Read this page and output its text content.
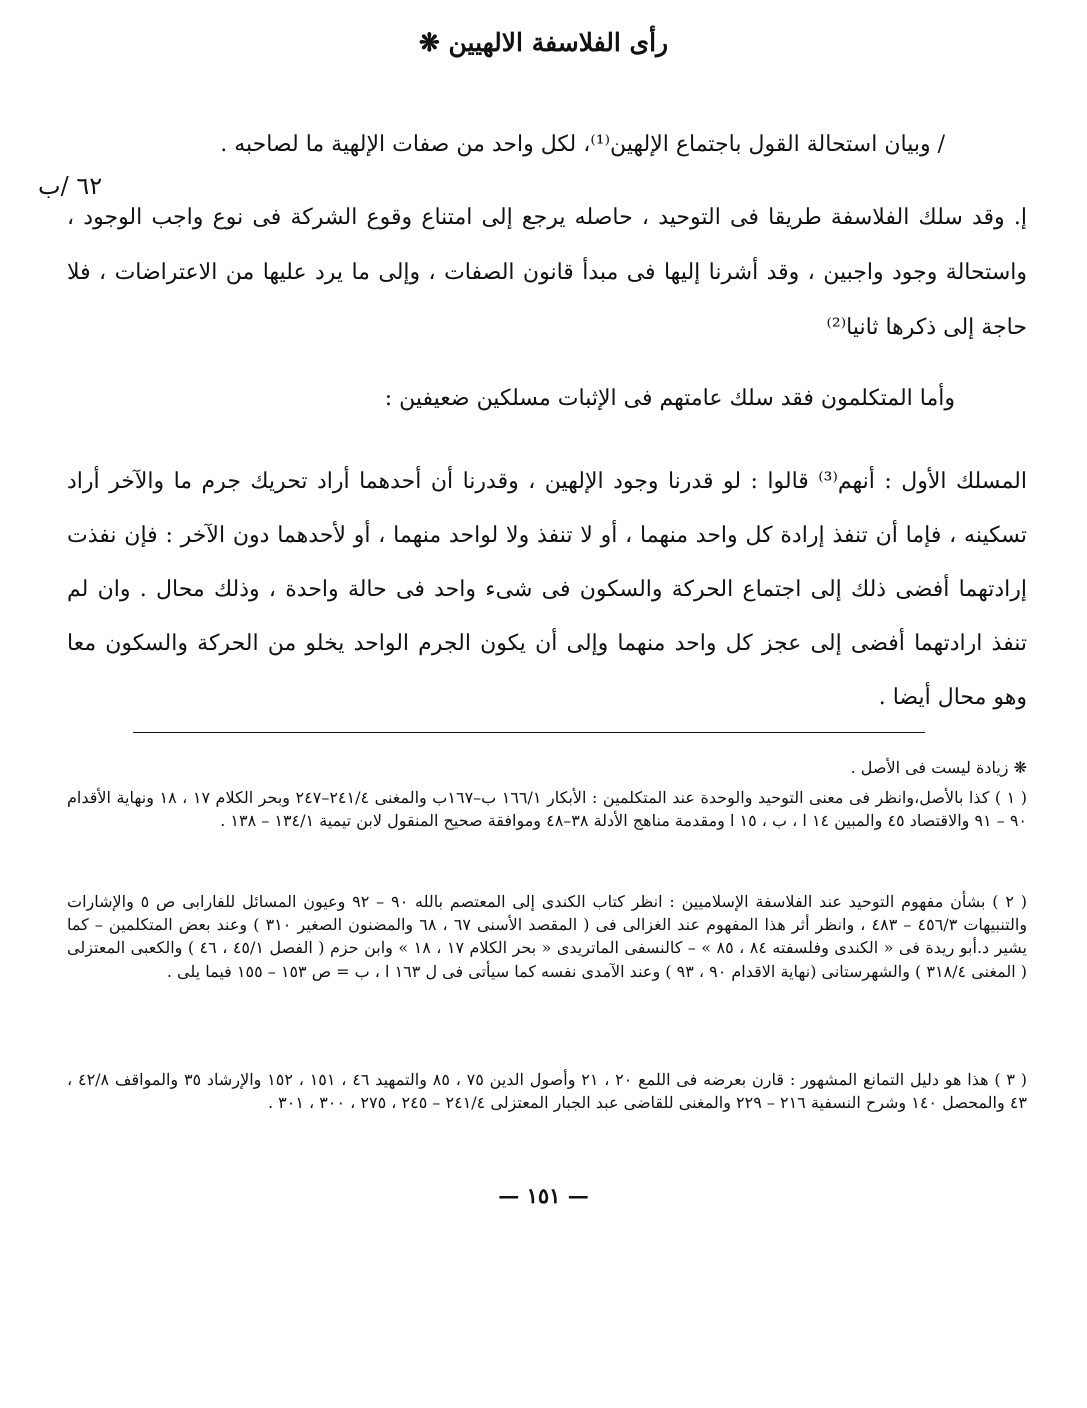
رأى الفلاسفة الالهيين ❋
٦٢ /ب
/ وبيان استحالة القول باجتماع الإلهين⁽¹⁾، لكل واحد من صفات الإلهية ما لصاحبه .

إ. وقد سلك الفلاسفة طريقا فى التوحيد ، حاصله يرجع إلى امتناع وقوع الشركة فى نوع واجب الوجود ، واستحالة وجود واجبين ، وقد أشرنا إليها فى مبدأ قانون الصفات ، وإلى ما يرد عليها من الاعتراضات ، فلا حاجة إلى ذكرها ثانيا⁽²⁾

وأما المتكلمون فقد سلك عامتهم فى الإثبات مسلكين ضعيفين :

المسلك الأول : أنهم⁽³⁾ قالوا : لو قدرنا وجود الإلهين ، وقدرنا أن أحدهما أراد تحريك جرم ما والآخر أراد تسكينه ، فإما أن تنفذ إرادة كل واحد منهما ، أو لا تنفذ ولا لواحد منهما ، أو لأحدهما دون الآخر : فإن نفذت إرادتهما أفضى ذلك إلى اجتماع الحركة والسكون فى شىء واحد فى حالة واحدة ، وذلك محال . وان لم تنفذ ارادتهما أفضى إلى عجز كل واحد منهما وإلى أن يكون الجرم الواحد يخلو من الحركة والسكون معا وهو محال أيضا .

❋ زيادة ليست فى الأصل .
( ١ ) كذا بالأصل،وانظر فى معنى التوحيد والوحدة عند المتكلمين : الأبكار ١٦٦/١ ب–١٦٧ب والمغنى ٢٤١/٤–٢٤٧ وبحر الكلام ١٧ ، ١٨ ونهاية الأقدام ٩٠ – ٩١ والاقتصاد ٤٥ والمبين ١٤ ا ، ب ، ١٥ ا ومقدمة مناهج الأدلة ٣٨–٤٨ وموافقة صحيح المنقول لابن تيمية ١٣٤/١ – ١٣٨ .
( ٢ ) بشأن مفهوم التوحيد عند الفلاسفة الإسلاميين : انظر كتاب الكندى إلى المعتصم بالله ٩٠ – ٩٢ وعيون المسائل للفارابى ص ٥ والإشارات والتنبيهات ٤٥٦/٣ – ٤٨٣ ، وانظر أثر هذا المفهوم عند الغزالى فى ( المقصد الأسنى ٦٧ ، ٦٨ والمضنون الصغير ٣١٠ ) وعند بعض المتكلمين – كما يشير د.أبو ريدة فى « الكندى وفلسفته ٨٤ ، ٨٥ » – كالنسفى الماتريدى « بحر الكلام ١٧ ، ١٨ » وابن حزم ( الفصل ٤٥/١ ، ٤٦ ) والكعبى المعتزلى ( المغنى ٣١٨/٤ ) والشهرستانى (نهاية الاقدام ٩٠ ، ٩٣ ) وعند الآمدى نفسه كما سيأتى فى ل ١٦٣ ا ، ب = ص ١٥٣ – ١٥٥ فيما يلى .
( ٣ ) هذا هو دليل التمانع المشهور : قارن بعرضه فى اللمع ٢٠ ، ٢١ وأصول الدين ٧٥ ، ٨٥ والتمهيد ٤٦ ، ١٥١ ، ١٥٢ والإرشاد ٣٥ والمواقف ٤٢/٨ ، ٤٣ والمحصل ١٤٠ وشرح النسفية ٢١٦ – ٢٢٩ والمغنى للقاضى عبد الجبار المعتزلى ٢٤١/٤ – ٢٤٥ ، ٢٧٥ ، ٣٠٠ ، ٣٠١ .
— ١٥١ —
